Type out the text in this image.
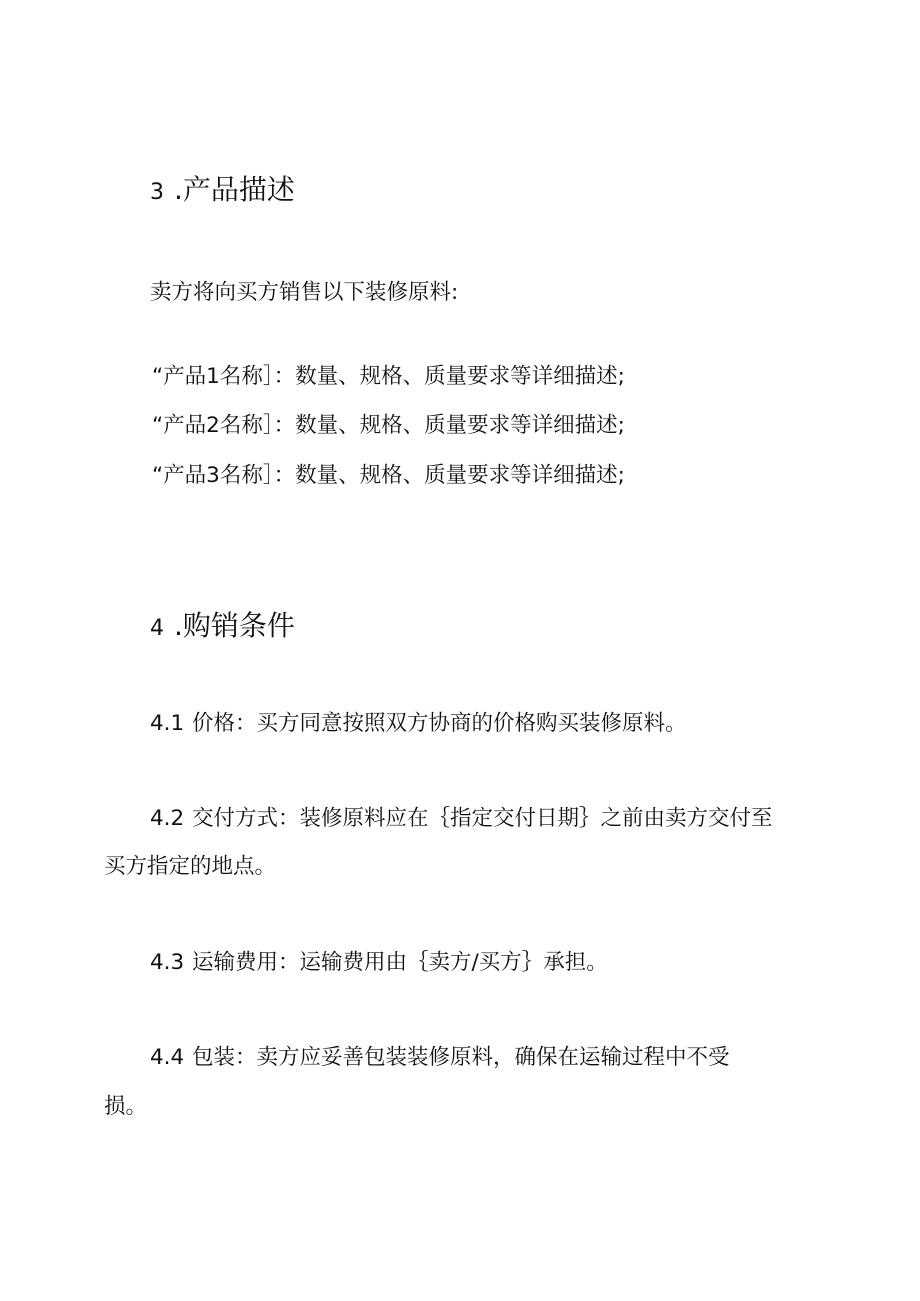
3 .产品描述
卖方将向买方销售以下装修原料:
“产品1名称］：数量、规格、质量要求等详细描述;
“产品2名称］：数量、规格、质量要求等详细描述;
“产品3名称］：数量、规格、质量要求等详细描述;
4 .购销条件
4.1 价格：买方同意按照双方协商的价格购买装修原料。
4.2 交付方式：装修原料应在｛指定交付日期｝之前由卖方交付至
买方指定的地点。
4.3 运输费用：运输费用由｛卖方/买方｝承担。
4.4 包装：卖方应妥善包装装修原料，确保在运输过程中不受
损。
